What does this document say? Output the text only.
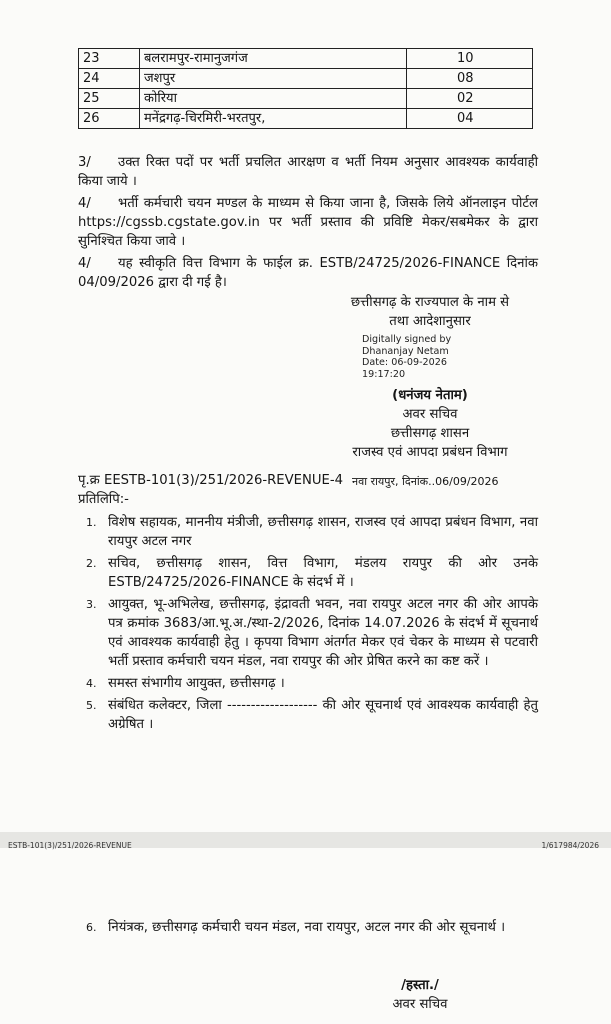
23	बलरामपुर-रामानुजगंज	10
24	जशपुर	08
25	कोरिया	02
26	मनेंद्रगढ़-चिरमिरी-भरतपुर,	04
3/ उक्त रिक्त पदों पर भर्ती प्रचलित आरक्षण व भर्ती नियम अनुसार आवश्यक कार्यवाही किया जाये ।
4/ भर्ती कर्मचारी चयन मण्डल के माध्यम से किया जाना है, जिसके लिये ऑनलाइन पोर्टल https://cgssb.cgstate.gov.in पर भर्ती प्रस्ताव की प्रविष्टि मेकर/सबमेकर के द्वारा सुनिश्चित किया जावे ।
4/ यह स्वीकृति वित्त विभाग के फाईल क्र. ESTB/24725/2026-FINANCE दिनांक 04/09/2026 द्वारा दी गई है।
छत्तीसगढ़ के राज्यपाल के नाम से
तथा आदेशानुसार
Digitally signed by
Dhananjay Netam
Date: 06-09-2026
19:17:20
(धनंजय नेताम)
अवर सचिव
छत्तीसगढ़ शासन
राजस्व एवं आपदा प्रबंधन विभाग
पृ.क्र EESTB-101(3)/251/2026-REVENUE-4 नवा रायपुर, दिनांक..06/09/2026
प्रतिलिपि:-
1. विशेष सहायक, माननीय मंत्रीजी, छत्तीसगढ़ शासन, राजस्व एवं आपदा प्रबंधन विभाग, नवा रायपुर अटल नगर
2. सचिव, छत्तीसगढ़ शासन, वित्त विभाग, मंडलय रायपुर की ओर उनके ESTB/24725/2026-FINANCE के संदर्भ में ।
3. आयुक्त, भू-अभिलेख, छत्तीसगढ़, इंद्रावती भवन, नवा रायपुर अटल नगर की ओर आपके पत्र क्रमांक 3683/आ.भू.अ./स्था-2/2026, दिनांक 14.07.2026 के संदर्भ में सूचनार्थ एवं आवश्यक कार्यवाही हेतु । कृपया विभाग अंतर्गत मेकर एवं चेकर के माध्यम से पटवारी भर्ती प्रस्ताव कर्मचारी चयन मंडल, नवा रायपुर की ओर प्रेषित करने का कष्ट करें ।
4. समस्त संभागीय आयुक्त, छत्तीसगढ़ ।
5. संबंधित कलेक्टर, जिला ------------------- की ओर सूचनार्थ एवं आवश्यक कार्यवाही हेतु अग्रेषित ।
ESTB-101(3)/251/2026-REVENUE	1/617984/2026
6. नियंत्रक, छत्तीसगढ़ कर्मचारी चयन मंडल, नवा रायपुर, अटल नगर की ओर सूचनार्थ ।
/हस्ता./
अवर सचिव
